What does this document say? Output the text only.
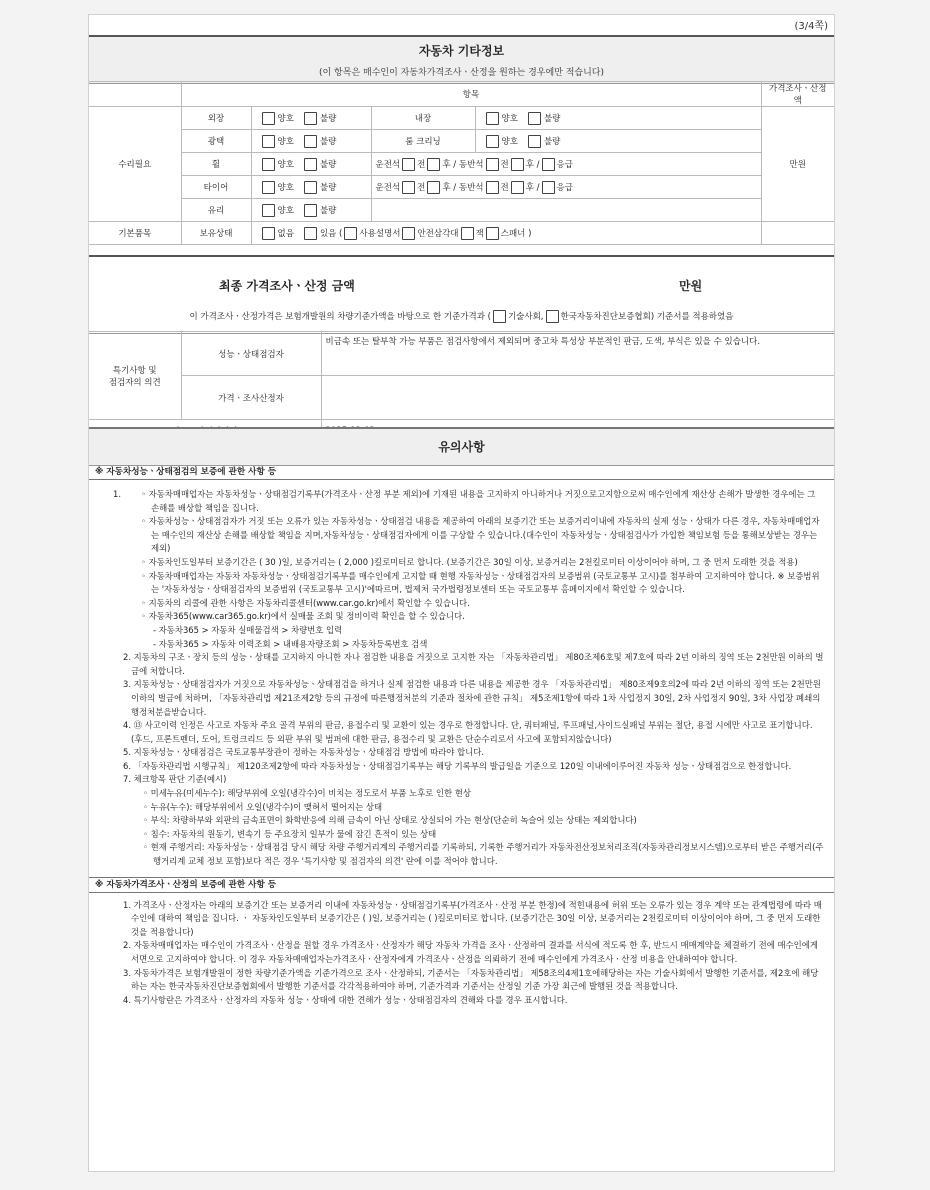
(3/4쪽)
자동차 기타정보
(이 항목은 매수인이 자동차가격조사ㆍ산정을 원하는 경우에만 적습니다)
	항목				가격조사ㆍ산정액
수리필요	외장	양호 불량	내장	양호 불량	만원
	광택	양호 불량	룸 크리닝	양호 불량	
	휠	양호 불량	운전석 전 후 / 동반석 전 후 / 응급		
	타이어	양호 불량	운전석 전 후 / 동반석 전 후 / 응급		
	유리	양호 불량			
기본품목	보유상태	없음 있음 ( 사용설명서 안전삼각대 잭 스패너 )			
최종 가격조사ㆍ산정 금액	만원
이 가격조사ㆍ산정가격은 보험개발원의 차량기준가액을 바탕으로 한 기준가격과 ( 기술사회, 한국자동차진단보증협회) 기준서를 적용하였음
특기사항 및
점검자의 의견	성능ㆍ상태점검자	비금속 또는 탈부착 가능 부품은 점검사항에서 제외되며 중고차 특성상 부분적인 판금, 도색, 부식은 있을 수 있습니다.
	가격ㆍ조사산정자	

유의사항
※ 자동차성능ㆍ상태점검의 보증에 관한 사항 등
1.	◦ 자동차매매업자는 자동차성능ㆍ상태점검기록부(가격조사ㆍ산정 부분 제외)에 기재된 내용을 고지하지 아니하거나 거짓으로고지함으로써 매수인에게 재산상 손해가 발생한 경우에는 그 손해를 배상할 책임을 집니다.

◦ 자동차성능ㆍ상태점검자가 거짓 또는 오류가 있는 자동차성능ㆍ상태점검 내용을 제공하여 아래의 보증기간 또는 보증거리이내에 자동차의 실제 성능ㆍ상태가 다른 경우, 자동차매매업자는 매수인의 재산상 손해를 배상할 책임을 지며,자동차성능ㆍ상태점검자에게 이를 구상할 수 있습니다.(대수인이 자동차성능ㆍ상태점검사가 가입한 책임보험 등을 통해보상받는 경우는 제외)

◦ 자동차인도일부터 보증기간은 ( 30 )일, 보증거리는 ( 2,000 )킬로미터로 합니다. (보증기간은 30일 이상, 보증거리는 2천킬로미터 이상이어야 하며, 그 중 먼저 도래한 것을 적용)

◦ 자동차매매업자는 자동차 자동차성능ㆍ상태점검기록부를 매수인에게 고지할 때 현행 자동차성능ㆍ상태점검자의 보증범위 (국토교통부 고시)를 첨부하여 고지하여야 합니다. ※ 보증범위는 '자동차성능ㆍ상태점검자의 보증범위 (국토교통부 고시)'에따르며, 법제처 국가법령정보센터 또는 국토교통부 홈페이지에서 확인할 수 있습니다.

◦ 지동차의 리콜에 관한 사항은 자동차리콜센터(www.car.go.kr)에서 확인할 수 있습니다.

◦ 자동차365(www.car365.go.kr)에서 실매물 조회 및 정비이력 확인을 할 수 있습니다.

- 자동차365 > 자동차 실매물검색 > 차량번호 입력

- 자동차365 > 자동차 이력조회 > 내배용자량조회 > 자동차등록번호 검색

2. 지동차의 구조ㆍ장치 등의 성능ㆍ상태를 고지하지 아니한 자나 점검한 내용을 거짓으로 고지한 자는 「자동차관리법」 제80조제6호및 제7호에 따라 2년 이하의 징역 또는 2천만원 이하의 벌금에 처합니다.

3. 지동차성능ㆍ상태점검자가 거짓으로 자동차성능ㆍ상태점검을 하거나 실제 점검한 내용과 다른 내용을 제공한 경우 「자동차관리법」 제80조제9호의2에 따라 2년 이하의 징역 또는 2천만원 이하의 벌금에 처하며, 「자동차관리법 제21조제2항 등의 규정에 따른행정처분의 기준과 절차에 관한 규칙」 제5조제1항에 따라 1차 사업정지 30일, 2차 사업정지 90일, 3차 사업장 폐쇄의 행정처분을받습니다.

4. ⑬ 사고이력 인정은 사고로 자동차 주요 골격 부위의 판금, 용접수리 및 교환이 있는 경우로 한정합니다. 단, 쿼터패널, 루프패널,사이드실패널 부위는 절단, 용접 시에만 사고로 표기합니다. (후드, 프론트펜더, 도어, 트렁크리드 등 외판 부위 및 범퍼에 대한 판금, 용접수리 및 교환은 단순수리로서 사고에 포함되지않습니다)

5. 지동차성능ㆍ상태점검은 국토교통부장관이 정하는 자동차성능ㆍ상태점검 방법에 따라야 합니다.

6. 「자동차관리법 시행규칙」 제120조제2항에 따라 자동차성능ㆍ상태점검기록부는 해당 기록부의 발급일을 기준으로 120일 이내에이루어진 자동차 성능ㆍ상태점검으로 한정합니다.

7. 체크항목 판단 기준(예시)

◦ 미세누유(미세누수): 해당부위에 오일(냉각수)이 비치는 정도로서 부품 노후로 인한 현상

◦ 누유(누수): 해당부위에서 오일(냉각수)이 맺혀서 떨어지는 상태

◦ 부식: 차량하부와 외판의 금속표면이 화학반응에 의해 금속이 아닌 상태로 상실되어 가는 현상(단순히 녹슬어 있는 상태는 제외합니다)

◦ 침수: 자동차의 원동기, 변속기 등 주요장치 일부가 물에 잠긴 흔적이 있는 상태

◦ 현재 주행거리: 자동차성능ㆍ상태점검 당시 해당 차량 주행거리계의 주행거리를 기록하되, 기록한 주행거리가 자동차전산정보처리조직(자동차관리정보시스템)으로부터 받은 주행거리(주행거리계 교체 정보 포함)보다 적은 경우 '특기사항 및 점검자의 의견' 란에 이를 적어야 합니다.

※ 자동차가격조사ㆍ산정의 보증에 관한 사항 등

1. 가격조사ㆍ산정자는 아래의 보증기간 또는 보증거리 이내에 자동차성능ㆍ상태점검기록부(가격조사ㆍ산정 부분 한정)에 적힌내용에 허위 또는 오류가 있는 경우 계약 또는 관계법령에 따라 매수인에 대하여 책임을 집니다. ㆍ 자동차인도일부터 보증기간은 ( )일, 보증거리는 ( )킬로미터로 합니다. (보증기간은 30일 이상, 보증거리는 2천킬로미터 이상이어야 하며, 그 중 먼저 도래한 것을 적용합니다)

2. 자동차매매업자는 매수인이 가격조사ㆍ산정을 원할 경우 가격조사ㆍ산정자가 해당 자동차 가격을 조사ㆍ산정하여 결과를 서식에 적도록 한 후, 반드시 매매계약을 체결하기 전에 매수인에게 서면으로 고지하여야 합니다. 이 경우 자동차매매업자는가격조사ㆍ산정자에게 가격조사ㆍ산정을 의뢰하기 전에 매수인에게 가격조사ㆍ산정 비용을 안내하여야 합니다.

3. 자동차가격은 보험개발원이 정한 차량기준가액을 기준가격으로 조사ㆍ산정하되, 기준서는 「자동차관리법」 제58조의4제1호에해당하는 자는 기술사회에서 발행한 기준서를, 제2호에 해당하는 자는 한국자동차진단보증협회에서 발행한 기준서를 각각적용하여야 하며, 기준가격과 기준서는 산정일 기준 가장 최근에 발행된 것을 적용합니다.

4. 특기사항란은 가격조사ㆍ산정자의 자동차 성능ㆍ상태에 대한 견해가 성능ㆍ상태점검자의 견해와 다를 경우 표시합니다.
